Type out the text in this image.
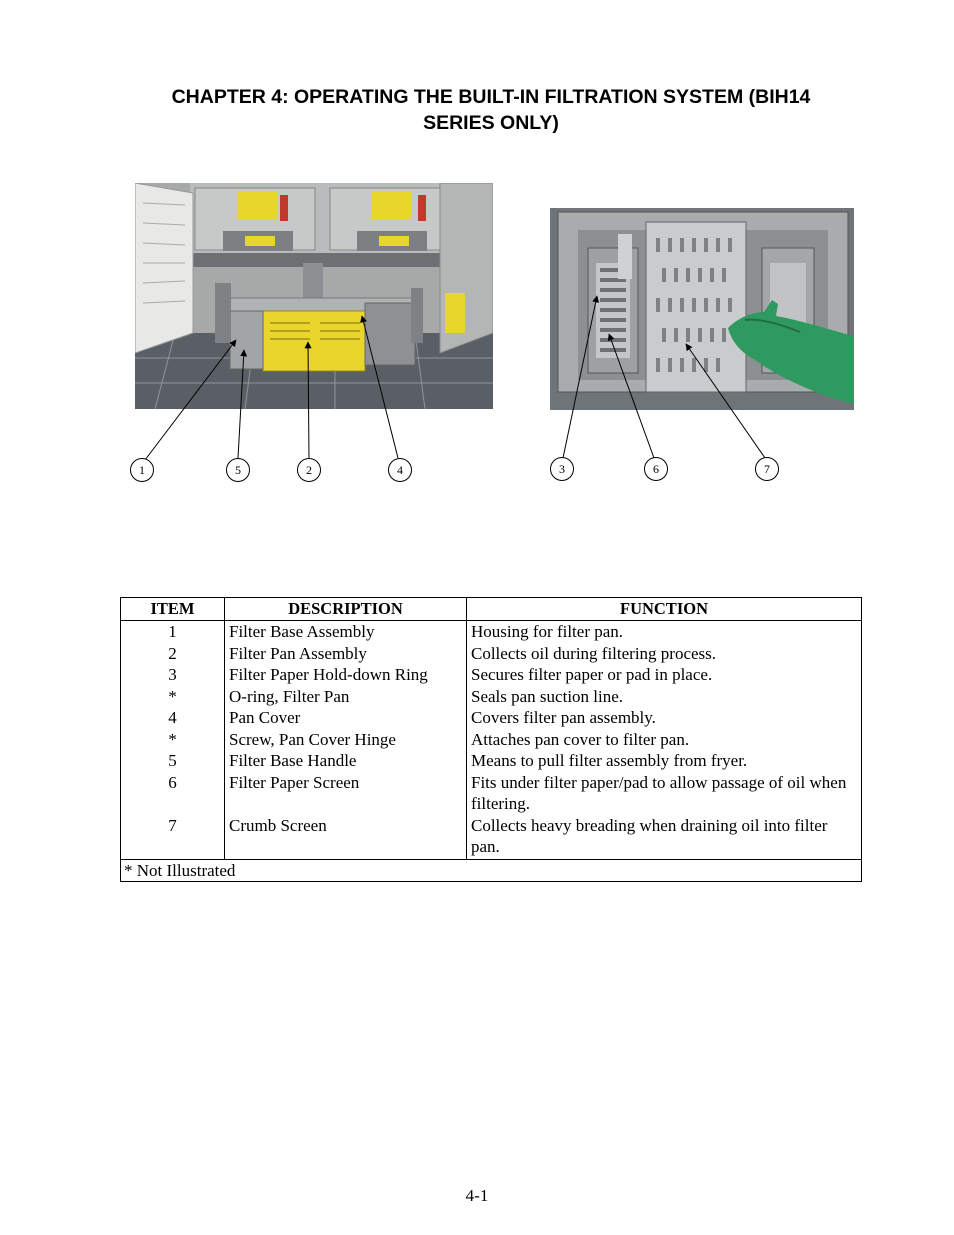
CHAPTER 4: OPERATING THE BUILT-IN FILTRATION SYSTEM (BIH14
SERIES ONLY)
1	5	2	4	3	6	7
ITEM	DESCRIPTION	FUNCTION
1	Filter Base Assembly	Housing for filter pan.
2	Filter Pan Assembly	Collects oil during filtering process.
3	Filter Paper Hold-down Ring	Secures filter paper or pad in place.
*	O-ring, Filter Pan	Seals pan suction line.
4	Pan Cover	Covers filter pan assembly.
*	Screw, Pan Cover Hinge	Attaches pan cover to filter pan.
5	Filter Base Handle	Means to pull filter assembly from fryer.
6	Filter Paper Screen	Fits under filter paper/pad to allow passage of oil when filtering.
7	Crumb Screen	Collects heavy breading when draining oil into filter pan.
* Not Illustrated		
4-1
